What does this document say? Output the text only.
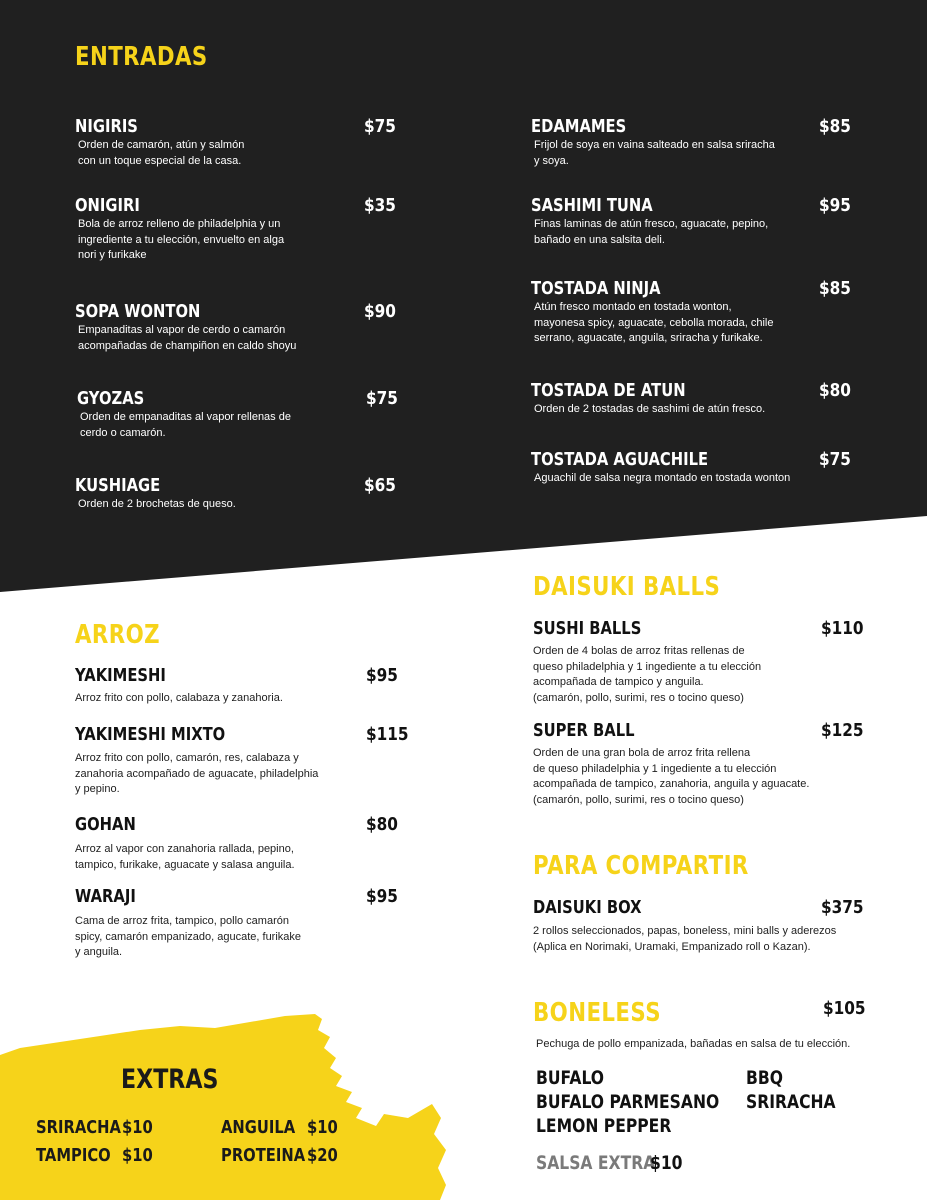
ENTRADAS
NIGIRIS	$75
Orden de camarón, atún y salmón
con un toque especial de la casa.
ONIGIRI	$35
Bola de arroz relleno de philadelphia y un
ingrediente a tu elección, envuelto en alga
nori y furikake
SOPA WONTON	$90
Empanaditas al vapor de cerdo o camarón
acompañadas de champiñon en caldo shoyu
GYOZAS	$75
Orden de empanaditas al vapor rellenas de
cerdo o camarón.
KUSHIAGE	$65
Orden de 2 brochetas de queso.
EDAMAMES	$85
Frijol de soya en vaina salteado en salsa sriracha
y soya.
SASHIMI TUNA	$95
Finas laminas de atún fresco, aguacate, pepino,
bañado en una salsita deli.
TOSTADA NINJA	$85
Atún fresco montado en tostada wonton,
mayonesa spicy, aguacate, cebolla morada, chile
serrano, aguacate, anguila, sriracha y furikake.
TOSTADA DE ATUN	$80
Orden de 2 tostadas de sashimi de atún fresco.
TOSTADA AGUACHILE	$75
Aguachil de salsa negra montado en tostada wonton
ARROZ
YAKIMESHI	$95
Arroz frito con pollo, calabaza y zanahoria.
YAKIMESHI MIXTO	$115
Arroz frito con pollo, camarón, res, calabaza y
zanahoria acompañado de aguacate, philadelphia
y pepino.
GOHAN	$80
Arroz al vapor con zanahoria rallada, pepino,
tampico, furikake, aguacate y salasa anguila.
WARAJI	$95
Cama de arroz frita, tampico, pollo camarón
spicy, camarón empanizado, agucate, furikake
y anguila.
DAISUKI BALLS
SUSHI BALLS	$110
Orden de 4 bolas de arroz fritas rellenas de
queso philadelphia y 1 ingediente a tu elección
acompañada de tampico y anguila.
(camarón, pollo, surimi, res o tocino queso)
SUPER BALL	$125
Orden de una gran bola de arroz frita rellena
de queso philadelphia y 1 ingediente a tu elección
acompañada de tampico, zanahoria, anguila y aguacate.
(camarón, pollo, surimi, res o tocino queso)
PARA COMPARTIR
DAISUKI BOX	$375
2 rollos seleccionados, papas, boneless, mini balls y aderezos
(Aplica en Norimaki, Uramaki, Empanizado roll o Kazan).
BONELESS	$105
Pechuga de pollo empanizada, bañadas en salsa de tu elección.
BUFALO
BUFALO PARMESANO
LEMON PEPPER
BBQ
SRIRACHA
SALSA EXTRA
$10
EXTRAS
SRIRACHA $10
TAMPICO $10
ANGUILA $10
PROTEINA $20
